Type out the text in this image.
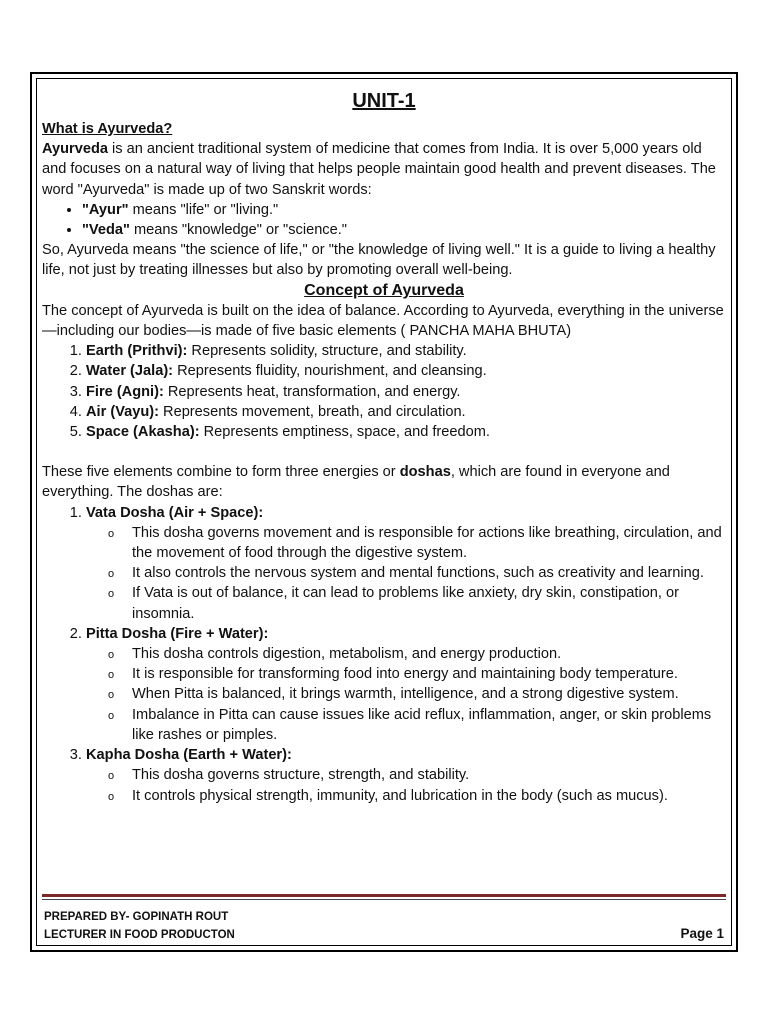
UNIT-1

What is Ayurveda?

Ayurveda is an ancient traditional system of medicine that comes from India. It is over 5,000 years old and focuses on a natural way of living that helps people maintain good health and prevent diseases. The word "Ayurveda" is made up of two Sanskrit words:

• "Ayur" means "life" or "living."
• "Veda" means "knowledge" or "science."

So, Ayurveda means "the science of life," or "the knowledge of living well." It is a guide to living a healthy life, not just by treating illnesses but also by promoting overall well-being.

Concept of Ayurveda

The concept of Ayurveda is built on the idea of balance. According to Ayurveda, everything in the universe—including our bodies—is made of five basic elements ( PANCHA MAHA BHUTA)

1. Earth (Prithvi): Represents solidity, structure, and stability.
2. Water (Jala): Represents fluidity, nourishment, and cleansing.
3. Fire (Agni): Represents heat, transformation, and energy.
4. Air (Vayu): Represents movement, breath, and circulation.
5. Space (Akasha): Represents emptiness, space, and freedom.

These five elements combine to form three energies or doshas, which are found in everyone and everything. The doshas are:

1. Vata Dosha (Air + Space):
o This dosha governs movement and is responsible for actions like breathing, circulation, and the movement of food through the digestive system.
o It also controls the nervous system and mental functions, such as creativity and learning.
o If Vata is out of balance, it can lead to problems like anxiety, dry skin, constipation, or insomnia.
2. Pitta Dosha (Fire + Water):
o This dosha controls digestion, metabolism, and energy production.
o It is responsible for transforming food into energy and maintaining body temperature.
o When Pitta is balanced, it brings warmth, intelligence, and a strong digestive system.
o Imbalance in Pitta can cause issues like acid reflux, inflammation, anger, or skin problems like rashes or pimples.
3. Kapha Dosha (Earth + Water):
o This dosha governs structure, strength, and stability.
o It controls physical strength, immunity, and lubrication in the body (such as mucus).
PREPARED BY- GOPINATH ROUT
LECTURER IN FOOD PRODUCTON	Page 1
